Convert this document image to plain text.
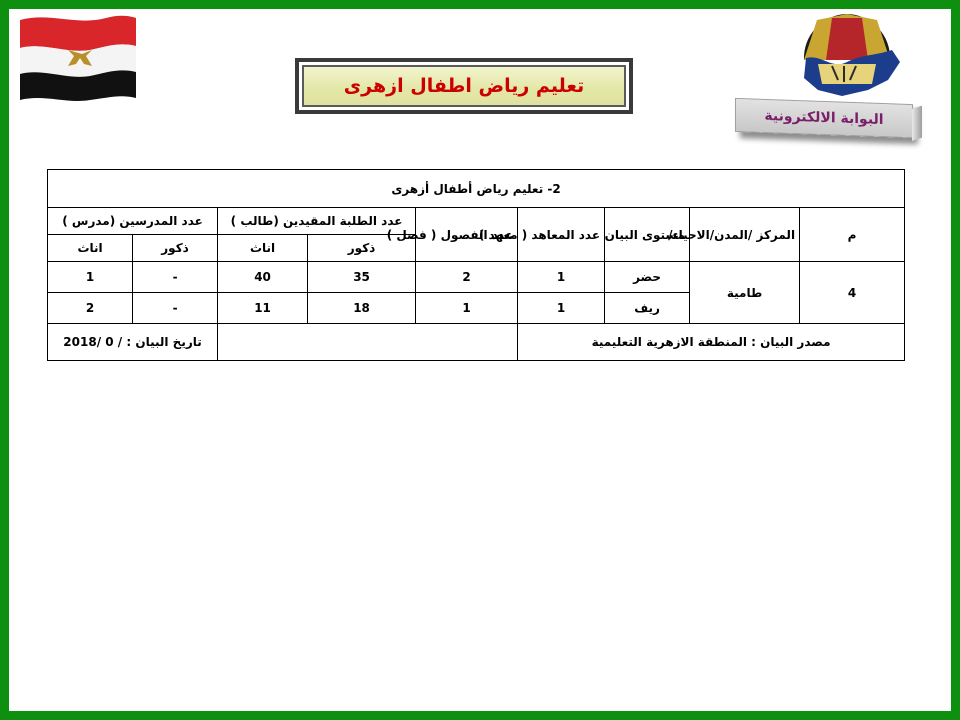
تعليم رياض اطفال ازهرى
البوابة الالكترونية
2- تعليم رياض أطفال أزهرى								
م	المركز /المدن/الاحياء/	مستوى البيان	عدد المعاهد ( معهد )	عدد الفصول ( فصل )	عدد الطلبة المقيدين (طالب )		عدد المدرسين (مدرس )	
					ذكور	اناث	ذكور	اناث
4	طامية	حضر	1	2	35	40	-	1
		ريف	1	1	18	11	-	2
مصدر البيان : المنطقة الازهرية التعليمية							تاريخ البيان : / 0 /2018	
